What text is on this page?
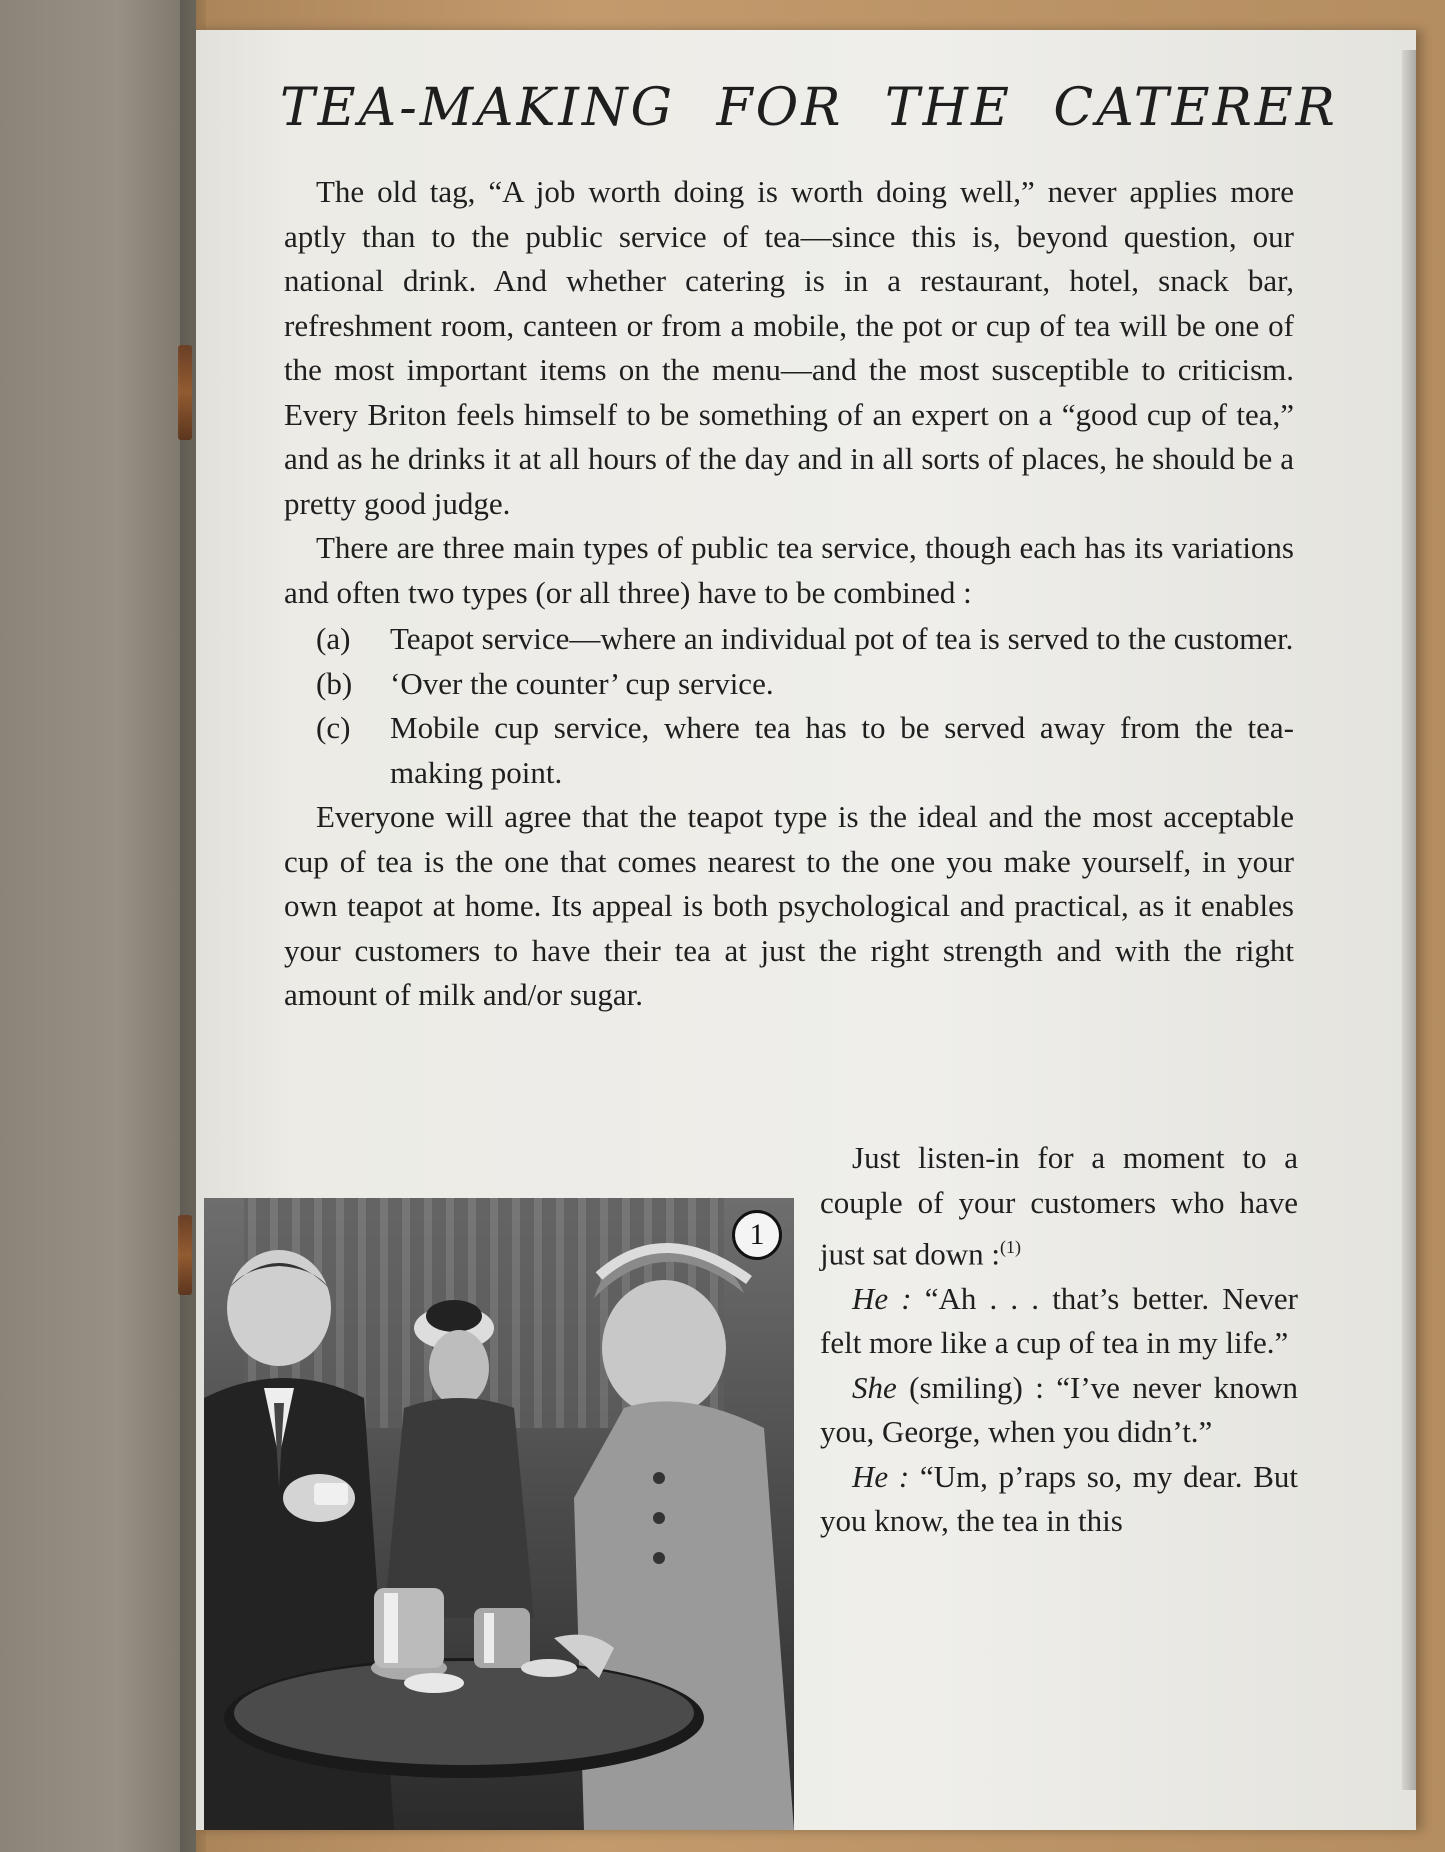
TEA-MAKING FOR THE CATERER

The old tag, “A job worth doing is worth doing well,” never applies more aptly than to the public service of tea—since this is, beyond question, our national drink. And whether catering is in a restaurant, hotel, snack bar, refreshment room, canteen or from a mobile, the pot or cup of tea will be one of the most important items on the menu—and the most susceptible to criticism. Every Briton feels himself to be something of an expert on a “good cup of tea,” and as he drinks it at all hours of the day and in all sorts of places, he should be a pretty good judge.

There are three main types of public tea service, though each has its variations and often two types (or all three) have to be combined :

(a)	Teapot service—where an individual pot of tea is served to the customer.
(b)	‘Over the counter’ cup service.
(c)	Mobile cup service, where tea has to be served away from the tea-making point.

Everyone will agree that the teapot type is the ideal and the most acceptable cup of tea is the one that comes nearest to the one you make yourself, in your own teapot at home. Its appeal is both psychological and practical, as it enables your customers to have their tea at just the right strength and with the right amount of milk and/or sugar.

1

Just listen-in for a moment to a couple of your customers who have just sat down :$^{(1)}$

He : “Ah . . . that’s better. Never felt more like a cup of tea in my life.”

She (smiling) : “I’ve never known you, George, when you didn’t.”

He : “Um, p’raps so, my dear. But you know, the tea in this
